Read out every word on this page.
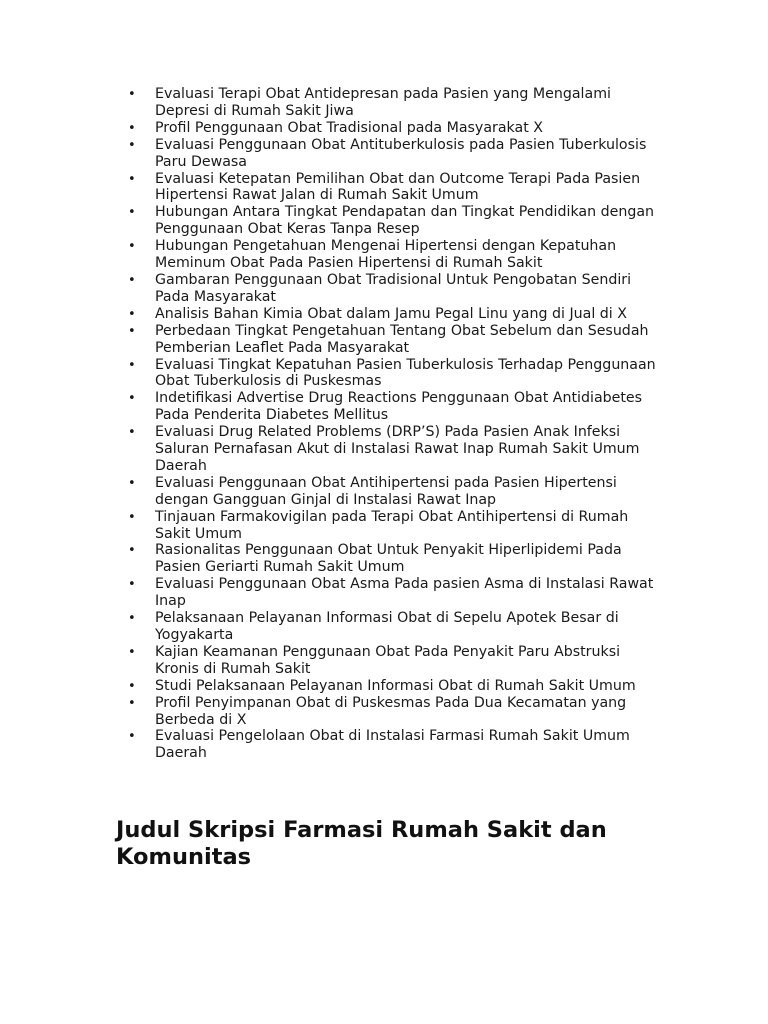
• Evaluasi Terapi Obat Antidepresan pada Pasien yang Mengalami Depresi di Rumah Sakit Jiwa
• Profil Penggunaan Obat Tradisional pada Masyarakat X
• Evaluasi Penggunaan Obat Antituberkulosis pada Pasien Tuberkulosis Paru Dewasa
• Evaluasi Ketepatan Pemilihan Obat dan Outcome Terapi Pada Pasien Hipertensi Rawat Jalan di Rumah Sakit Umum
• Hubungan Antara Tingkat Pendapatan dan Tingkat Pendidikan dengan Penggunaan Obat Keras Tanpa Resep
• Hubungan Pengetahuan Mengenai Hipertensi dengan Kepatuhan Meminum Obat Pada Pasien Hipertensi di Rumah Sakit
• Gambaran Penggunaan Obat Tradisional Untuk Pengobatan Sendiri Pada Masyarakat
• Analisis Bahan Kimia Obat dalam Jamu Pegal Linu yang di Jual di X
• Perbedaan Tingkat Pengetahuan Tentang Obat Sebelum dan Sesudah Pemberian Leaflet Pada Masyarakat
• Evaluasi Tingkat Kepatuhan Pasien Tuberkulosis Terhadap Penggunaan Obat Tuberkulosis di Puskesmas
• Indetifikasi Advertise Drug Reactions Penggunaan Obat Antidiabetes Pada Penderita Diabetes Mellitus
• Evaluasi Drug Related Problems (DRP’S) Pada Pasien Anak Infeksi Saluran Pernafasan Akut di Instalasi Rawat Inap Rumah Sakit Umum Daerah
• Evaluasi Penggunaan Obat Antihipertensi pada Pasien Hipertensi dengan Gangguan Ginjal di Instalasi Rawat Inap
• Tinjauan Farmakovigilan pada Terapi Obat Antihipertensi di Rumah Sakit Umum
• Rasionalitas Penggunaan Obat Untuk Penyakit Hiperlipidemi Pada Pasien Geriarti Rumah Sakit Umum
• Evaluasi Penggunaan Obat Asma Pada pasien Asma di Instalasi Rawat Inap
• Pelaksanaan Pelayanan Informasi Obat di Sepelu Apotek Besar di Yogyakarta
• Kajian Keamanan Penggunaan Obat Pada Penyakit Paru Abstruksi Kronis di Rumah Sakit
• Studi Pelaksanaan Pelayanan Informasi Obat di Rumah Sakit Umum
• Profil Penyimpanan Obat di Puskesmas Pada Dua Kecamatan yang Berbeda di X
• Evaluasi Pengelolaan Obat di Instalasi Farmasi Rumah Sakit Umum Daerah
Judul Skripsi Farmasi Rumah Sakit dan Komunitas
